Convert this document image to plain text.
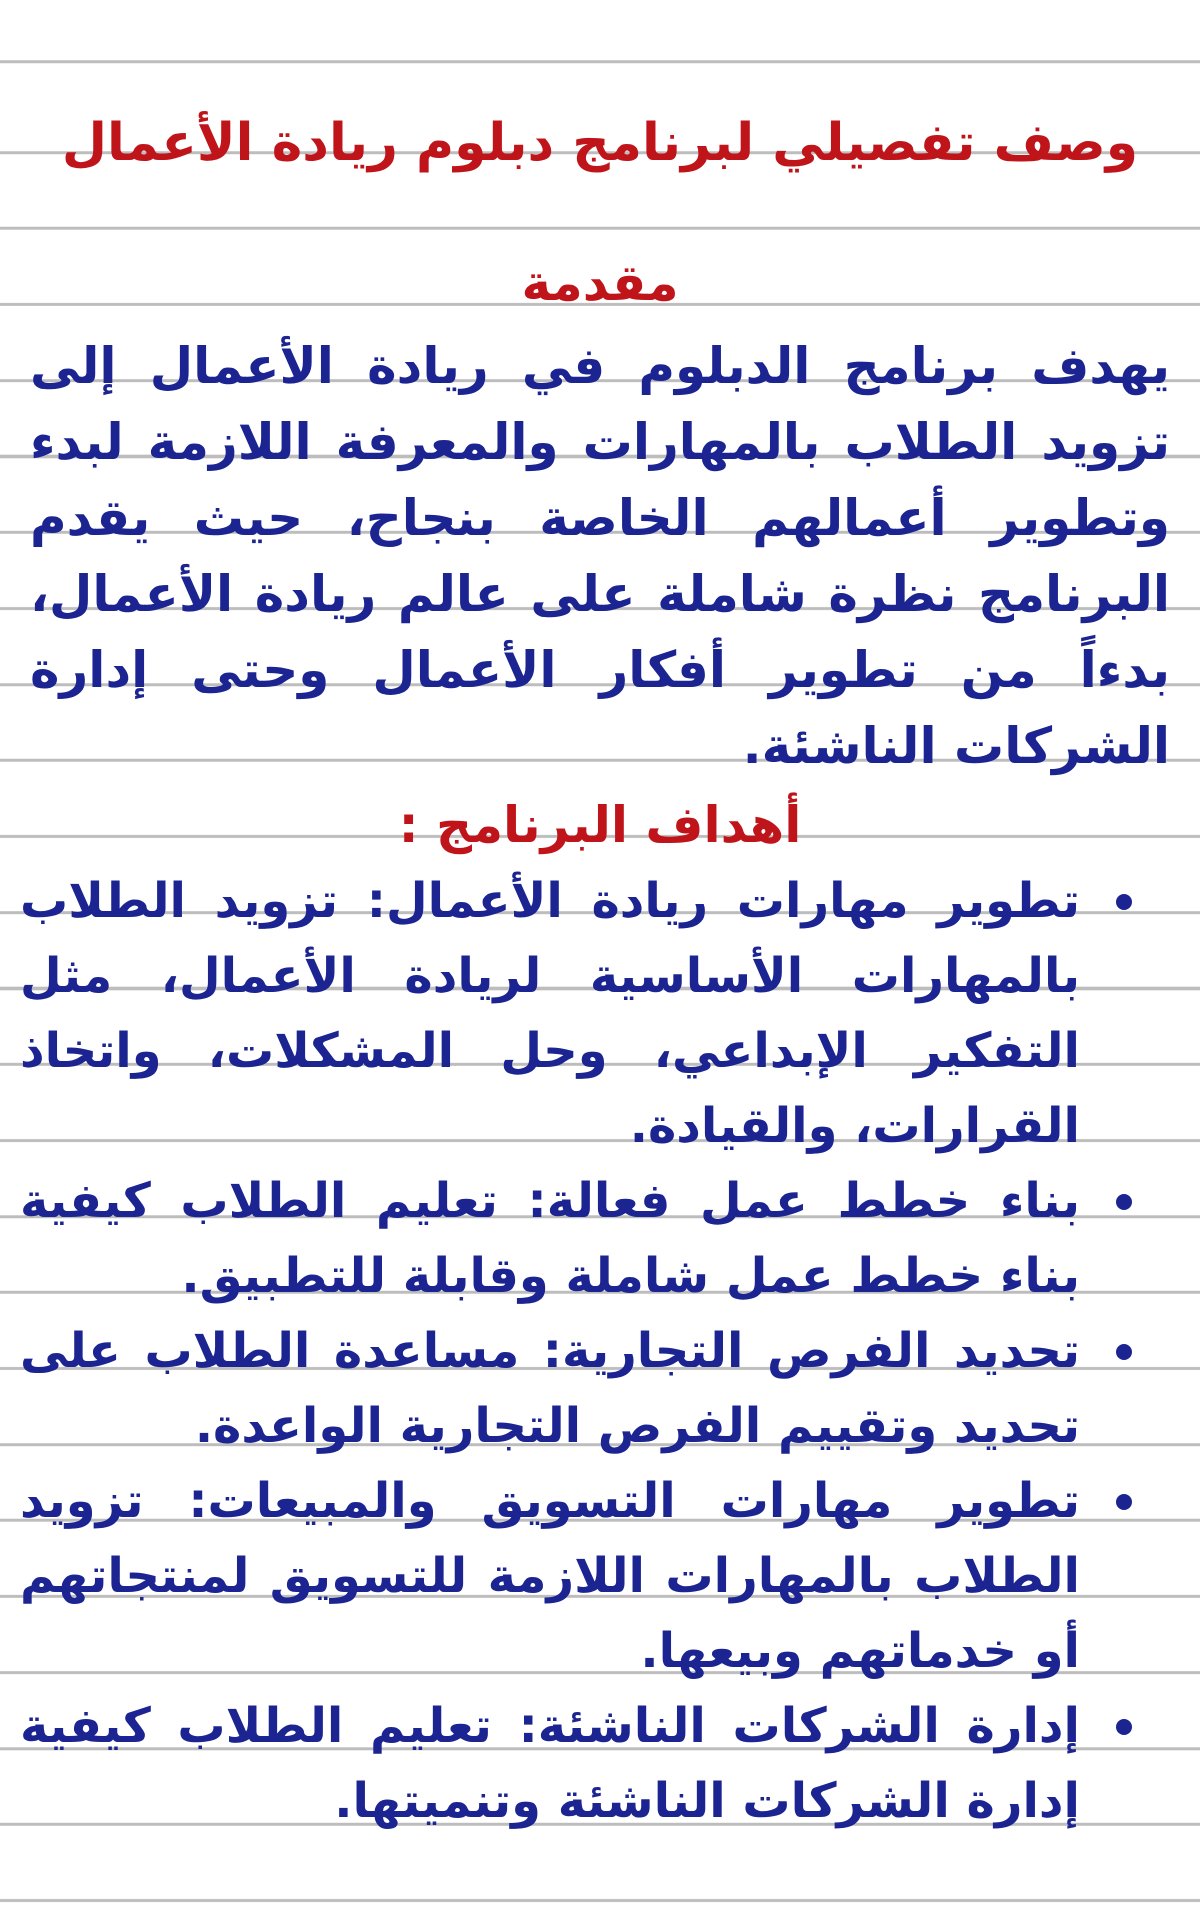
وصف تفصيلي لبرنامج دبلوم ريادة الأعمال
مقدمة

يهدف برنامج الدبلوم في ريادة الأعمال إلى تزويد الطلاب بالمهارات والمعرفة اللازمة لبدء وتطوير أعمالهم الخاصة بنجاح، حيث يقدم البرنامج نظرة شاملة على عالم ريادة الأعمال، بدءاً من تطوير أفكار الأعمال وحتى إدارة الشركات الناشئة.

أهداف البرنامج :
تطوير مهارات ريادة الأعمال: تزويد الطلاب بالمهارات الأساسية لريادة الأعمال، مثل التفكير الإبداعي، وحل المشكلات، واتخاذ القرارات، والقيادة.
بناء خطط عمل فعالة: تعليم الطلاب كيفية بناء خطط عمل شاملة وقابلة للتطبيق.
تحديد الفرص التجارية: مساعدة الطلاب على تحديد وتقييم الفرص التجارية الواعدة.
تطوير مهارات التسويق والمبيعات: تزويد الطلاب بالمهارات اللازمة للتسويق لمنتجاتهم أو خدماتهم وبيعها.
إدارة الشركات الناشئة: تعليم الطلاب كيفية إدارة الشركات الناشئة وتنميتها.
